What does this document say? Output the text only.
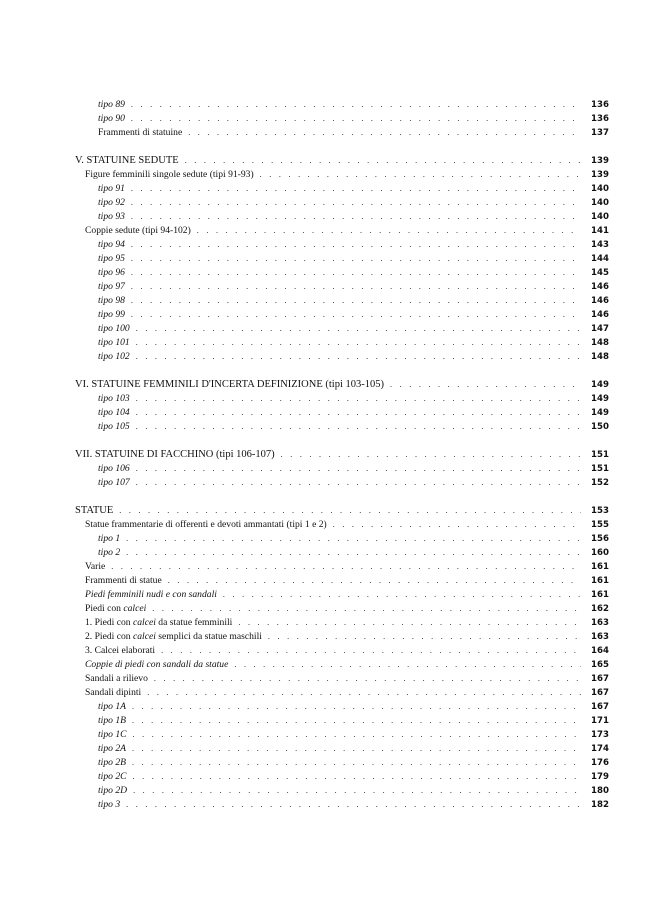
tipo 89 . . .	136
tipo 90 . . .	136
Frammenti di statuine . . .	137
V. STATUINE SEDUTE . . .	139
Figure femminili singole sedute (tipi 91-93) . . .	139
tipo 91 . . .	140
tipo 92 . . .	140
tipo 93 . . .	140
Coppie sedute (tipi 94-102) . . .	141
tipo 94 . . .	143
tipo 95 . . .	144
tipo 96 . . .	145
tipo 97 . . .	146
tipo 98 . . .	146
tipo 99 . . .	146
tipo 100 . . .	147
tipo 101 . . .	148
tipo 102 . . .	148
VI. STATUINE FEMMINILI D'INCERTA DEFINIZIONE (tipi 103-105) . . .	149
tipo 103 . . .	149
tipo 104 . . .	149
tipo 105 . . .	150
VII. STATUINE DI FACCHINO (tipi 106-107) . . .	151
tipo 106 . . .	151
tipo 107 . . .	152
STATUE . . .	153
Statue frammentarie di offerenti e devoti ammantati (tipi 1 e 2) . . .	155
tipo 1 . . .	156
tipo 2 . . .	160
Varie . . .	161
Frammenti di statue . . .	161
Piedi femminili nudi e con sandali . . .	161
Piedi con calcei . . .	162
1. Piedi con calcei da statue femminili . . .	163
2. Piedi con calcei semplici da statue maschili . . .	163
3. Calcei elaborati . . .	164
Coppie di piedi con sandali da statue . . .	165
Sandali a rilievo . . .	167
Sandali dipinti . . .	167
tipo 1A . . .	167
tipo 1B . . .	171
tipo 1C . . .	173
tipo 2A . . .	174
tipo 2B . . .	176
tipo 2C . . .	179
tipo 2D . . .	180
tipo 3 . . .	182
